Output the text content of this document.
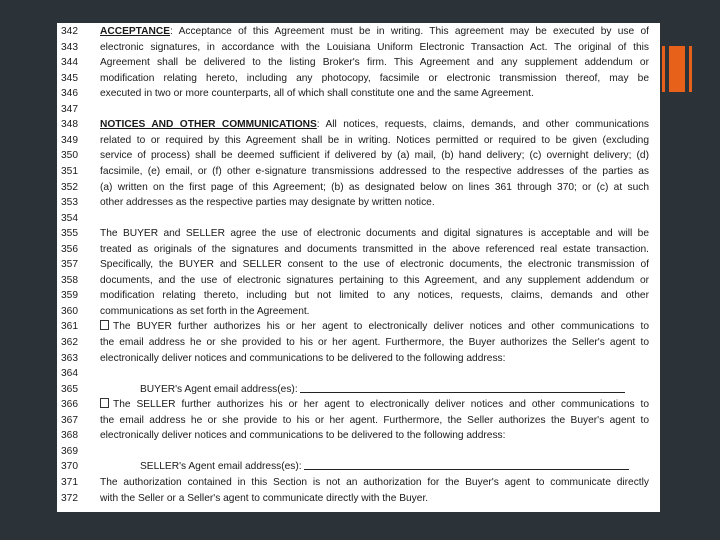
342	ACCEPTANCE: Acceptance of this Agreement must be in writing. This agreement may be executed by use of
343	electronic signatures, in accordance with the Louisiana Uniform Electronic Transaction Act. The original of this
344	Agreement shall be delivered to the listing Broker's firm. This Agreement and any supplement addendum or
345	modification relating hereto, including any photocopy, facsimile or electronic transmission thereof, may be
346	executed in two or more counterparts, all of which shall constitute one and the same Agreement.
347
348	NOTICES AND OTHER COMMUNICATIONS: All notices, requests, claims, demands, and other communications
349	related to or required by this Agreement shall be in writing. Notices permitted or required to be given (excluding
350	service of process) shall be deemed sufficient if delivered by (a) mail, (b) hand delivery; (c) overnight delivery; (d)
351	facsimile, (e) email, or (f) other e-signature transmissions addressed to the respective addresses of the parties as
352	(a) written on the first page of this Agreement; (b) as designated below on lines 361 through 370; or (c) at such
353	other addresses as the respective parties may designate by written notice.
354
355	The BUYER and SELLER agree the use of electronic documents and digital signatures is acceptable and will be
356	treated as originals of the signatures and documents transmitted in the above referenced real estate transaction.
357	Specifically, the BUYER and SELLER consent to the use of electronic documents, the electronic transmission of
358	documents, and the use of electronic signatures pertaining to this Agreement, and any supplement addendum or
359	modification relating thereto, including but not limited to any notices, requests, claims, demands and other
360	communications as set forth in the Agreement.
361	The BUYER further authorizes his or her agent to electronically deliver notices and other communications to
362	the email address he or she provided to his or her agent. Furthermore, the Buyer authorizes the Seller's agent to
363	electronically deliver notices and communications to be delivered to the following address:
364
365	BUYER's Agent email address(es):
366	The SELLER further authorizes his or her agent to electronically deliver notices and other communications to
367	the email address he or she provide to his or her agent. Furthermore, the Seller authorizes the Buyer's agent to
368	electronically deliver notices and communications to be delivered to the following address:
369
370	SELLER's Agent email address(es):
371	The authorization contained in this Section is not an authorization for the Buyer's agent to communicate directly
372	with the Seller or a Seller's agent to communicate directly with the Buyer.
